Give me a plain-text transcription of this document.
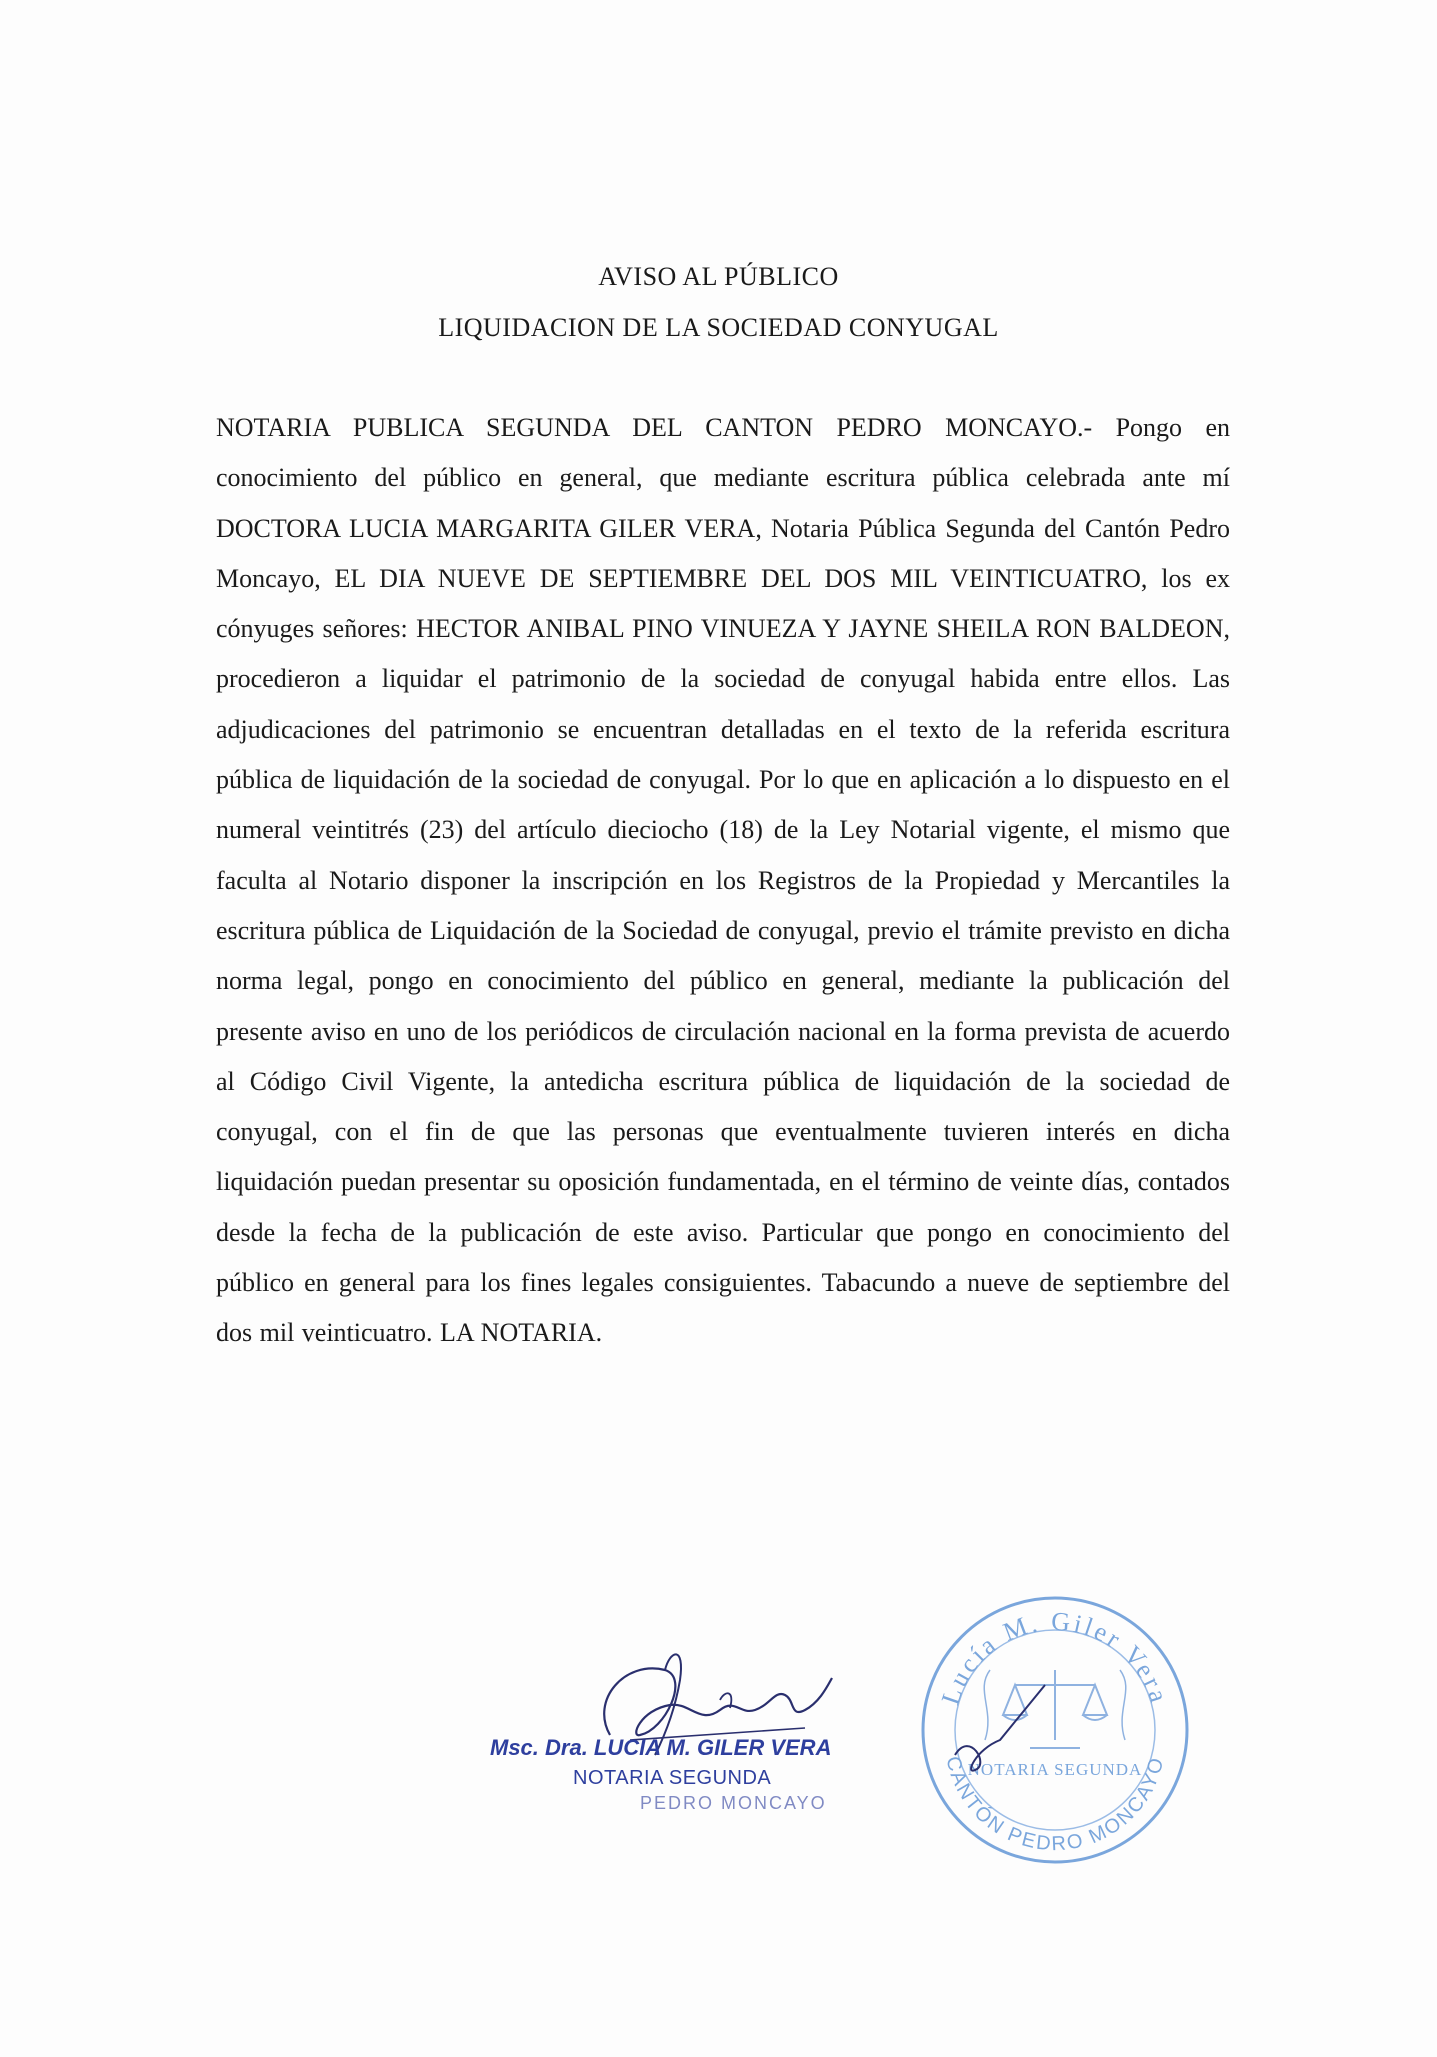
AVISO AL PÚBLICO
LIQUIDACION DE LA SOCIEDAD CONYUGAL

NOTARIA PUBLICA SEGUNDA DEL CANTON PEDRO MONCAYO.- Pongo en conocimiento del público en general, que mediante escritura pública celebrada ante mí DOCTORA LUCIA MARGARITA GILER VERA, Notaria Pública Segunda del Cantón Pedro Moncayo, EL DIA NUEVE DE SEPTIEMBRE DEL DOS MIL VEINTICUATRO, los ex cónyuges señores: HECTOR ANIBAL PINO VINUEZA Y JAYNE SHEILA RON BALDEON, procedieron a liquidar el patrimonio de la sociedad de conyugal habida entre ellos. Las adjudicaciones del patrimonio se encuentran detalladas en el texto de la referida escritura pública de liquidación de la sociedad de conyugal. Por lo que en aplicación a lo dispuesto en el numeral veintitrés (23) del artículo dieciocho (18) de la Ley Notarial vigente, el mismo que faculta al Notario disponer la inscripción en los Registros de la Propiedad y Mercantiles la escritura pública de Liquidación de la Sociedad de conyugal, previo el trámite previsto en dicha norma legal, pongo en conocimiento del público en general, mediante la publicación del presente aviso en uno de los periódicos de circulación nacional en la forma prevista de acuerdo al Código Civil Vigente, la antedicha escritura pública de liquidación de la sociedad de conyugal, con el fin de que las personas que eventualmente tuvieren interés en dicha liquidación puedan presentar su oposición fundamentada, en el término de veinte días, contados desde la fecha de la publicación de este aviso. Particular que pongo en conocimiento del público en general para los fines legales consiguientes. Tabacundo a nueve de septiembre del dos mil veinticuatro. LA NOTARIA.

Msc. Dra. LUCIA M. GILER VERA
NOTARIA SEGUNDA
PEDRO MONCAYO
Lucía M. Giler Vera
CANTÓN PEDRO MONCAYO
NOTARIA SEGUNDA
